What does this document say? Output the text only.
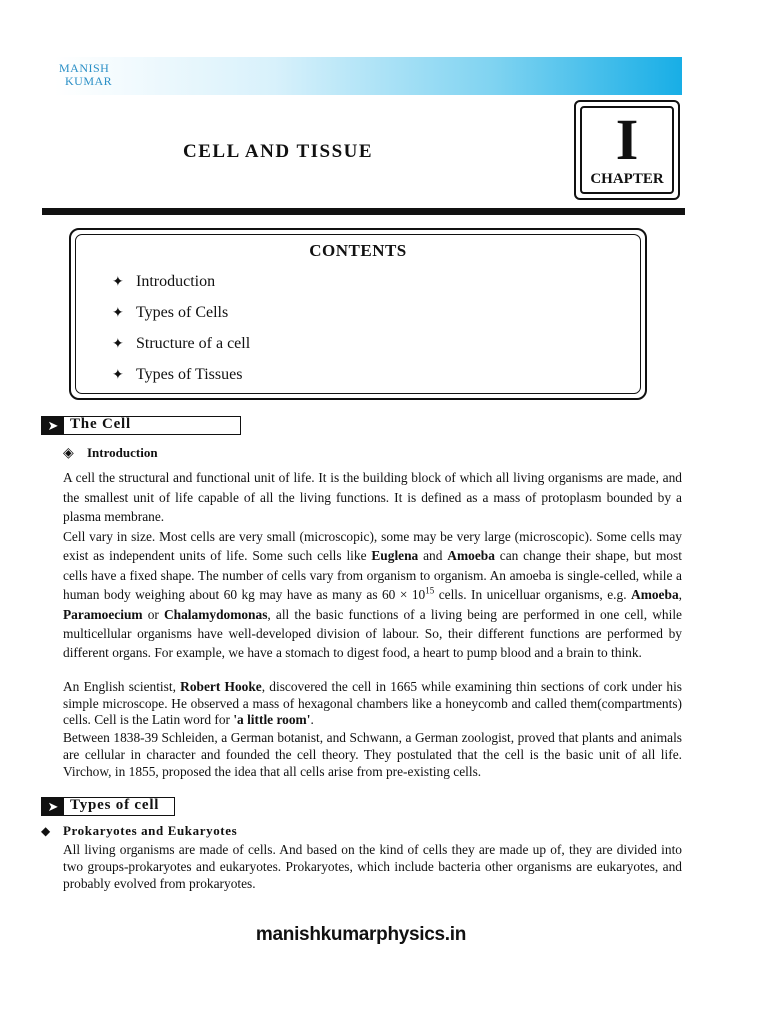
MANISH
KUMAR
CELL AND TISSUE	I
CHAPTER
CONTENTS
✦ Introduction
✦ Types of Cells
✦ Structure of a cell
✦ Types of Tissues
➤ The Cell
◈ Introduction
A cell the structural and functional unit of life. It is the building block of which all living organisms are made, and the smallest unit of life capable of all the living functions. It is defined as a mass of protoplasm bounded by a plasma membrane.
Cell vary in size. Most cells are very small (microscopic), some may be very large (microscopic). Some cells may exist as independent units of life. Some such cells like Euglena and Amoeba can change their shape, but most cells have a fixed shape. The number of cells vary from organism to organism. An amoeba is single-celled, while a human body weighing about 60 kg may have as many as $60 \times 10^{15}$ cells. In unicelluar organisms, e.g. Amoeba, Paramoecium or Chalamydomonas, all the basic functions of a living being are performed in one cell, while multicellular organisms have well-developed division of labour. So, their different functions are performed by different organs. For example, we have a stomach to digest food, a heart to pump blood and a brain to think.
An English scientist, Robert Hooke, discovered the cell in 1665 while examining thin sections of cork under his simple microscope. He observed a mass of hexagonal chambers like a honeycomb and called them(compartments) cells. Cell is the Latin word for 'a little room'.
Between 1838-39 Schleiden, a German botanist, and Schwann, a German zoologist, proved that plants and animals are cellular in character and founded the cell theory. They postulated that the cell is the basic unit of all life. Virchow, in 1855, proposed the idea that all cells arise from pre-existing cells.
➤ Types of cell
◆ Prokaryotes and Eukaryotes
All living organisms are made of cells. And based on the kind of cells they are made up of, they are divided into two groups-prokaryotes and eukaryotes. Prokaryotes, which include bacteria other organisms are eukaryotes, and probably evolved from prokaryotes.
manishkumarphysics.in
